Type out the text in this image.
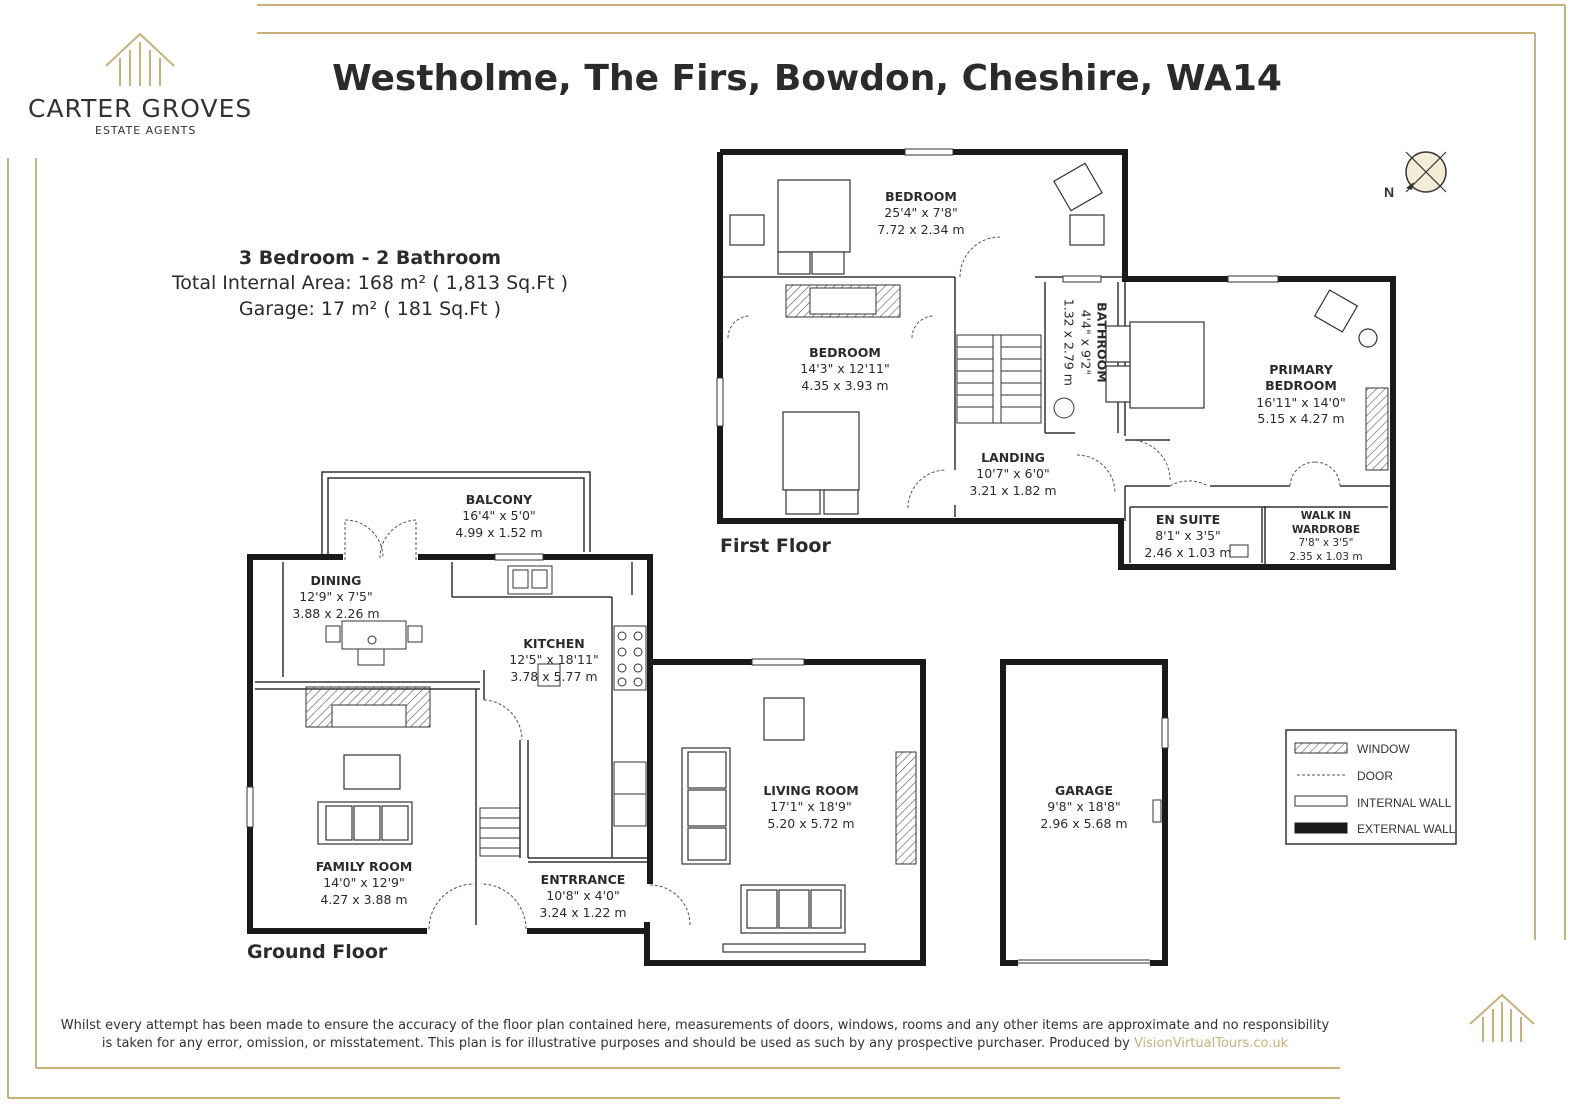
CARTER GROVES
ESTATE AGENTS
Westholme, The Firs, Bowdon, Cheshire, WA14
3 Bedroom - 2 Bathroom
Total Internal Area: 168 m² ( 1,813 Sq.Ft )
Garage: 17 m² ( 181 Sq.Ft )
N
WINDOW
DOOR
INTERNAL WALL
EXTERNAL WALL
First Floor
Ground Floor
BEDROOM
25'4" x 7'8"
7.72 x 2.34 m
BEDROOM
14'3" x 12'11"
4.35 x 3.93 m
BATHROOM
4'4" x 9'2"
1.32 x 2.79 m	PRIMARY
BEDROOM
16'11" x 14'0"
5.15 x 4.27 m
LANDING
10'7" x 6'0"
3.21 x 1.82 m
EN SUITE
8'1" x 3'5"
2.46 x 1.03 m
WALK IN
WARDROBE
7'8" x 3'5"
2.35 x 1.03 m
BALCONY
16'4" x 5'0"
4.99 x 1.52 m
DINING
12'9" x 7'5"
3.88 x 2.26 m
KITCHEN
12'5" x 18'11"
3.78 x 5.77 m
LIVING ROOM
17'1" x 18'9"
5.20 x 5.72 m
FAMILY ROOM
14'0" x 12'9"
4.27 x 3.88 m
ENTRRANCE
10'8" x 4'0"
3.24 x 1.22 m
GARAGE
9'8" x 18'8"
2.96 x 5.68 m
Whilst every attempt has been made to ensure the accuracy of the floor plan contained here, measurements of doors, windows, rooms and any other items are approximate and no responsibility
is taken for any error, omission, or misstatement. This plan is for illustrative purposes and should be used as such by any prospective purchaser. Produced by VisionVirtualTours.co.uk
